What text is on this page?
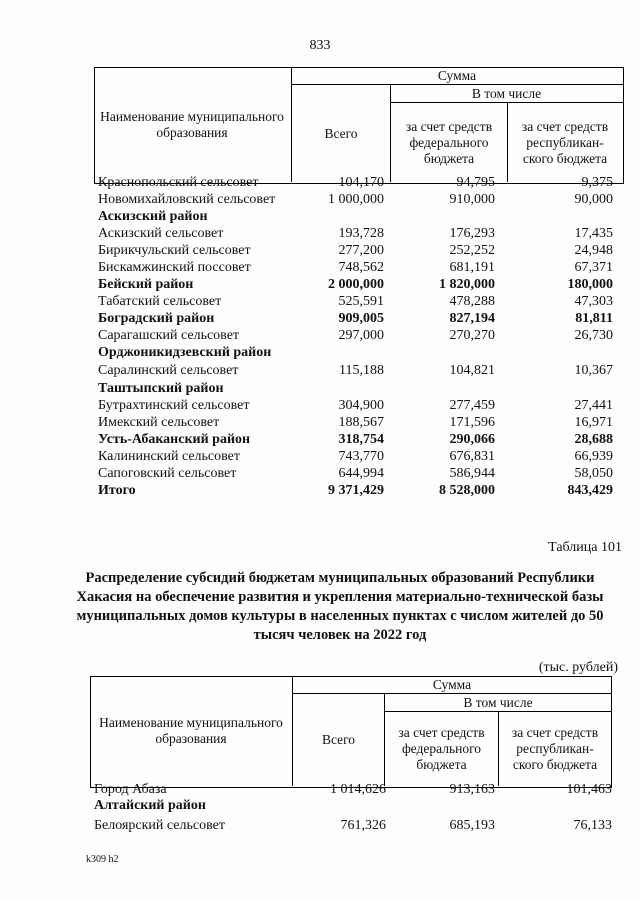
833
Наименование муниципального образования
Сумма
Всего
В том числе
за счет средств федерального бюджета
за счет средств республикан-ского бюджета
Краснопольский сельсовет	104,170	94,795	9,375
Новомихайловский сельсовет	1 000,000	910,000	90,000
Аскизский район
Аскизский сельсовет	193,728	176,293	17,435
Бирикчульский сельсовет	277,200	252,252	24,948
Бискамжинский поссовет	748,562	681,191	67,371
Бейский район	2 000,000	1 820,000	180,000
Табатский сельсовет	525,591	478,288	47,303
Боградский район	909,005	827,194	81,811
Сарагашский сельсовет	297,000	270,270	26,730
Орджоникидзевский район
Саралинский сельсовет	115,188	104,821	10,367
Таштыпский район
Бутрахтинский сельсовет	304,900	277,459	27,441
Имекский сельсовет	188,567	171,596	16,971
Усть-Абаканский район	318,754	290,066	28,688
Калининский сельсовет	743,770	676,831	66,939
Сапоговский сельсовет	644,994	586,944	58,050
Итого	9 371,429	8 528,000	843,429
Таблица 101
Распределение субсидий бюджетам муниципальных образований Республики Хакасия на обеспечение развития и укрепления материально-технической базы муниципальных домов культуры в населенных пунктах с числом жителей до 50 тысяч человек на 2022 год
(тыс. рублей)
Наименование муниципального образования
Сумма
Всего
В том числе
за счет средств федерального бюджета
за счет средств республикан-ского бюджета
Город Абаза	1 014,626	913,163	101,463
Алтайский район
Белоярский сельсовет	761,326	685,193	76,133
k309 h2
